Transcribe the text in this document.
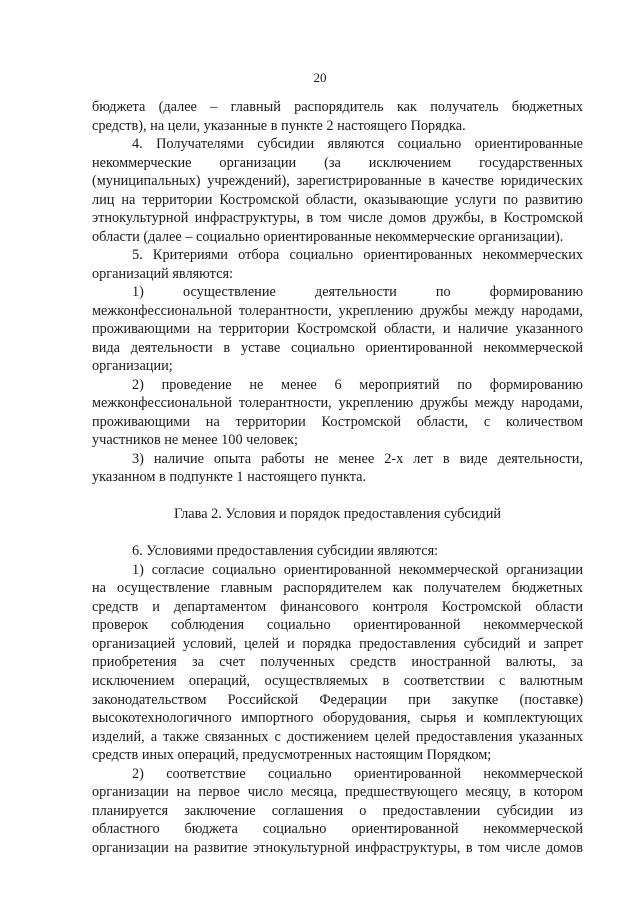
20
бюджета (далее – главный распорядитель как получатель бюджетных
средств), на цели, указанные в пункте 2 настоящего Порядка.
4. Получателями субсидии являются социально ориентированные
некоммерческие организации (за исключением государственных
(муниципальных) учреждений), зарегистрированные в качестве юридических
лиц на территории Костромской области, оказывающие услуги по развитию
этнокультурной инфраструктуры, в том числе домов дружбы, в Костромской
области (далее – социально ориентированные некоммерческие организации).
5. Критериями отбора социально ориентированных некоммерческих
организаций являются:
1) осуществление деятельности по формированию
межконфессиональной толерантности, укреплению дружбы между народами,
проживающими на территории Костромской области, и наличие указанного
вида деятельности в уставе социально ориентированной некоммерческой
организации;
2) проведение не менее 6 мероприятий по формированию
межконфессиональной толерантности, укреплению дружбы между народами,
проживающими на территории Костромской области, с количеством
участников не менее 100 человек;
3) наличие опыта работы не менее 2-х лет в виде деятельности,
указанном в подпункте 1 настоящего пункта.
Глава 2. Условия и порядок предоставления субсидий
6. Условиями предоставления субсидии являются:
1) согласие социально ориентированной некоммерческой организации
на осуществление главным распорядителем как получателем бюджетных
средств и департаментом финансового контроля Костромской области
проверок соблюдения социально ориентированной некоммерческой
организацией условий, целей и порядка предоставления субсидий и запрет
приобретения за счет полученных средств иностранной валюты, за
исключением операций, осуществляемых в соответствии с валютным
законодательством Российской Федерации при закупке (поставке)
высокотехнологичного импортного оборудования, сырья и комплектующих
изделий, а также связанных с достижением целей предоставления указанных
средств иных операций, предусмотренных настоящим Порядком;
2) соответствие социально ориентированной некоммерческой
организации на первое число месяца, предшествующего месяцу, в котором
планируется заключение соглашения о предоставлении субсидии из
областного бюджета социально ориентированной некоммерческой
организации на развитие этнокультурной инфраструктуры, в том числе домов
